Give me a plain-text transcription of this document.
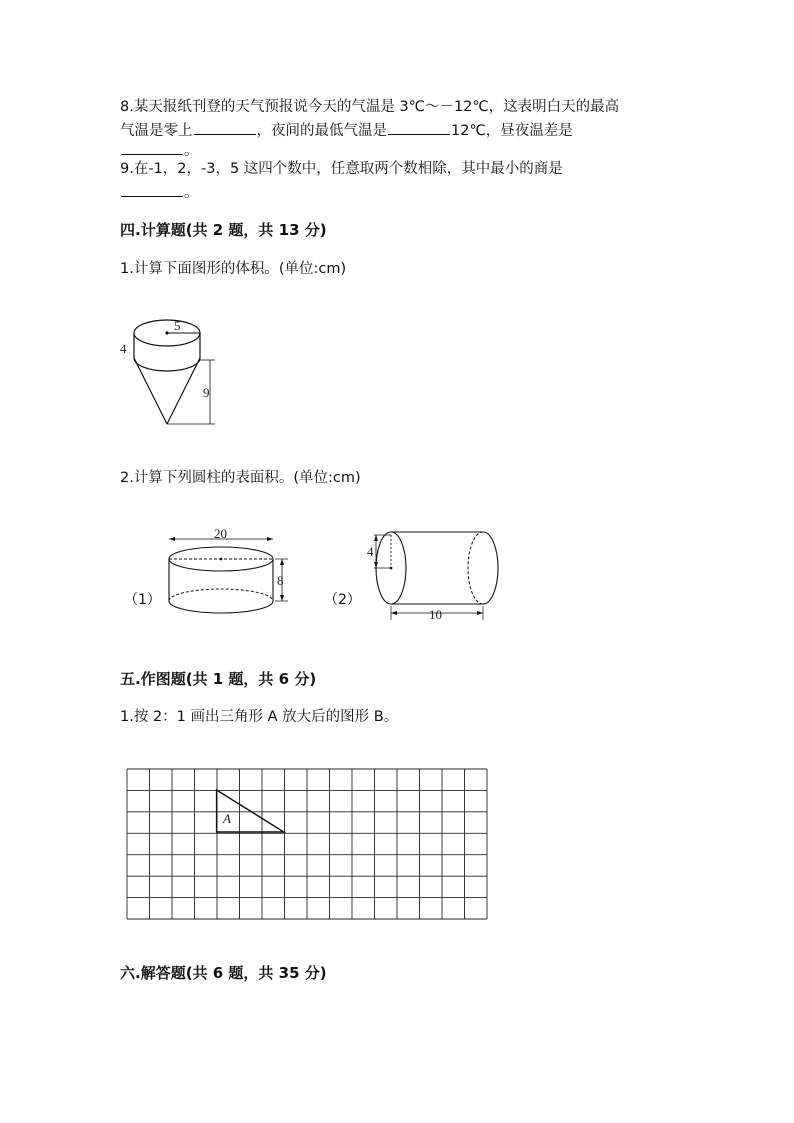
8.某天报纸刊登的天气预报说今天的气温是 3℃～－12℃，这表明白天的最高
气温是零上	，夜间的最低气温是	12℃，昼夜温差是
。
9.在-1，2，-3，5 这四个数中，任意取两个数相除，其中最小的商是
。
四.计算题(共 2 题，共 13 分)
1.计算下面图形的体积。(单位:cm)
5
4
9
2.计算下列圆柱的表面积。(单位:cm)
（1）
20
8
（2）
4
10
五.作图题(共 1 题，共 6 分)
1.按 2：1 画出三角形 A 放大后的图形 B。
A
六.解答题(共 6 题，共 35 分)
